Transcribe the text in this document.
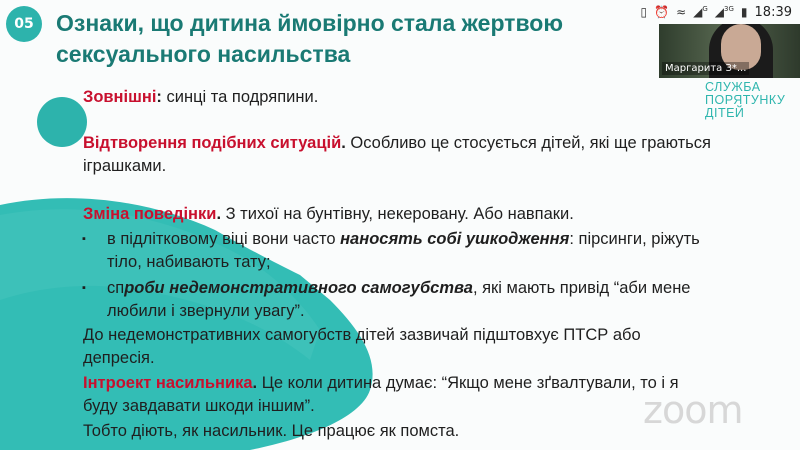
05 Ознаки, що дитина ймовірно стала жертвою
сексуального насильства
СЛУЖБА
ПОРЯТУНКУ
ДІТЕЙ
Зовнішні: синці та подряпини.
Відтворення подібних ситуацій. Особливо це стосується дітей, які ще граються
іграшками.
Зміна поведінки. З тихої на бунтівну, некеровану. Або навпаки.
▪ в підлітковому віці вони часто наносять собі ушкодження: пірсинги, ріжуть
тіло, набивають тату;
▪ спроби недемонстративного самогубства, які мають привід “аби мене
любили і звернули увагу”.
До недемонстративних самогубств дітей зазвичай підштовхує ПТСР або
депресія.
Інтроект насильника. Це коли дитина думає: “Якщо мене зґвалтували, то і я
буду завдавати шкоди іншим”.
Тобто діють, як насильник. Це працює як помста.	zoom
▯ ⏰ ≈ ◢$^G$ ◢$^{3G}$ ▮ 18:39
Маргарита З*...
